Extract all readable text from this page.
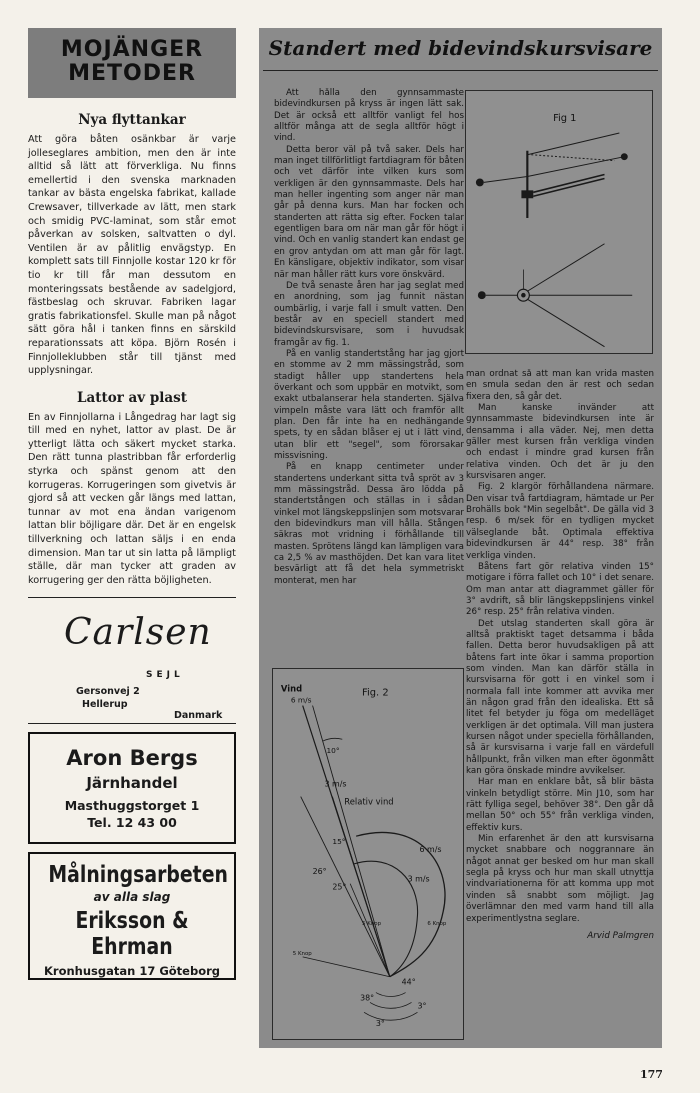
MOJÄNGER
METODER
Nya flyttankar
Att göra båten osänkbar är varje jolleseglares ambition, men den är inte alltid så lätt att förverkliga. Nu finns emellertid i den svenska marknaden tankar av bästa engelska fabrikat, kallade Crewsaver, tillverkade av lätt, men stark och smidig PVC-laminat, som står emot påverkan av solsken, saltvatten o dyl. Ventilen är av pålitlig envägstyp. En komplett sats till Finnjolle kostar 120 kr för tio kr till får man dessutom en monteringssats bestående av sadelgjord, fästbeslag och skruvar. Fabriken lagar gratis fabrikationsfel. Skulle man på något sätt göra hål i tanken finns en särskild reparationssats att köpa. Björn Rosén i Finnjolleklubben står till tjänst med upplysningar.
Lattor av plast
En av Finnjollarna i Långedrag har lagt sig till med en nyhet, lattor av plast. De är ytterligt lätta och säkert mycket starka. Den rätt tunna plastribban får erforderlig styrka och spänst genom att den korrugeras. Korrugeringen som givetvis är gjord så att vecken går längs med lattan, tunnar av mot ena ändan varigenom lattan blir böjligare där. Det är en engelsk tillverkning och lattan säljs i en enda dimension. Man tar ut sin latta på lämpligt ställe, där man tycker att graden av korrugering ger den rätta böjligheten.
Carlsen
SEJL
Gersonvej 2
Hellerup
Danmark
Aron Bergs
Järnhandel
Masthuggstorget 1
Tel. 12 43 00
Målningsarbeten
av alla slag
Eriksson & Ehrman
Kronhusgatan 17 Göteborg
Standert med bidevindskursvisare

Att hålla den gynnsammaste bidevindkursen på kryss är ingen lätt sak. Det är också ett alltför vanligt fel hos alltför många att de segla alltför högt i vind.

Detta beror väl på två saker. Dels har man inget tillförlitligt fartdiagram för båten och vet därför inte vilken kurs som verkligen är den gynnsammaste. Dels har man heller ingenting som anger när man går på denna kurs. Man har focken och standerten att rätta sig efter. Focken talar egentligen bara om när man går för högt i vind. Och en vanlig standert kan endast ge en grov antydan om att man går för lagt. En känsligare, objektiv indikator, som visar när man håller rätt kurs vore önskvärd.

De två senaste åren har jag seglat med en anordning, som jag funnit nästan oumbärlig, i varje fall i smult vatten. Den består av en speciell standert med bidevindskursvisare, som i huvudsak framgår av fig. 1.

På en vanlig standertstång har jag gjort en stomme av 2 mm mässingstråd, som stadigt håller upp standertens hela överkant och som uppbär en motvikt, som exakt utbalanserar hela standerten. Själva vimpeln måste vara lätt och framför allt plan. Den får inte ha en nedhängande spets, ty en sådan blåser ej ut i lätt vind, utan blir ett "segel", som förorsakar missvisning.

På en knapp centimeter under standertens underkant sitta två spröt av 3 mm mässingstråd. Dessa äro lödda på standertstången och ställas in i sådan vinkel mot längskeppslinjen som motsvarar den bidevindkurs man vill hålla. Stången säkras mot vridning i förhållande till masten. Sprötens längd kan lämpligen vara ca 2,5 % av masthöjden. Det kan vara litet besvärligt att få det hela symmetriskt monterat, men har

Fig 1

man ordnat så att man kan vrida masten en smula sedan den är rest och sedan fixera den, så går det.

Man kanske invänder att gynnsammaste bidevindkursen inte är densamma i alla väder. Nej, men detta gäller mest kursen från verkliga vinden och endast i mindre grad kursen från relativa vinden. Och det är ju den kursvisaren anger.

Fig. 2 klargör förhållandena närmare. Den visar två fartdiagram, hämtade ur Per Brohälls bok "Min segelbåt". De gälla vid 3 resp. 6 m/sek för en tydligen mycket välseglande båt. Optimala effektiva bidevindkursen är 44° resp. 38° från verkliga vinden.

Båtens fart gör relativa vinden 15° motigare i förra fallet och 10° i det senare. Om man antar att diagrammet gäller för 3° avdrift, så blir längskeppslinjens vinkel 26° resp. 25° från relativa vinden.

Det utslag standerten skall göra är alltså praktiskt taget detsamma i båda fallen. Detta beror huvudsakligen på att båtens fart inte ökar i samma proportion som vinden. Man kan därför ställa in kursvisarna för gott i en vinkel som i normala fall inte kommer att avvika mer än någon grad från den idealiska. Ett så litet fel betyder ju föga om medelläget verkligen är det optimala. Vill man justera kursen något under speciella förhållanden, så är kursvisarna i varje fall en värdefull hållpunkt, från vilken man efter ögonmått kan göra önskade mindre avvikelser.

Har man en enklare båt, så blir bästa vinkeln betydligt större. Min J10, som har rätt fylliga segel, behöver 38°. Den går då mellan 50° och 55° från verkliga vinden, effektiv kurs.

Min erfarenhet är den att kursvisarna mycket snabbare och noggrannare än något annat ger besked om hur man skall segla på kryss och hur man skall utnyttja vindvariationerna för att komma upp mot vinden så snabbt som möjligt. Jag överlämnar den med varm hand till alla experimentlystna seglare.

Arvid Palmgren
Fig. 2
Vind
6 m/s
3 m/s
Relativ vind
10°
15°
26°
25°
6 m/s
3 m/s
5 Knop	6 Knop
5 Knop
38°
44°
3°
3°
177
